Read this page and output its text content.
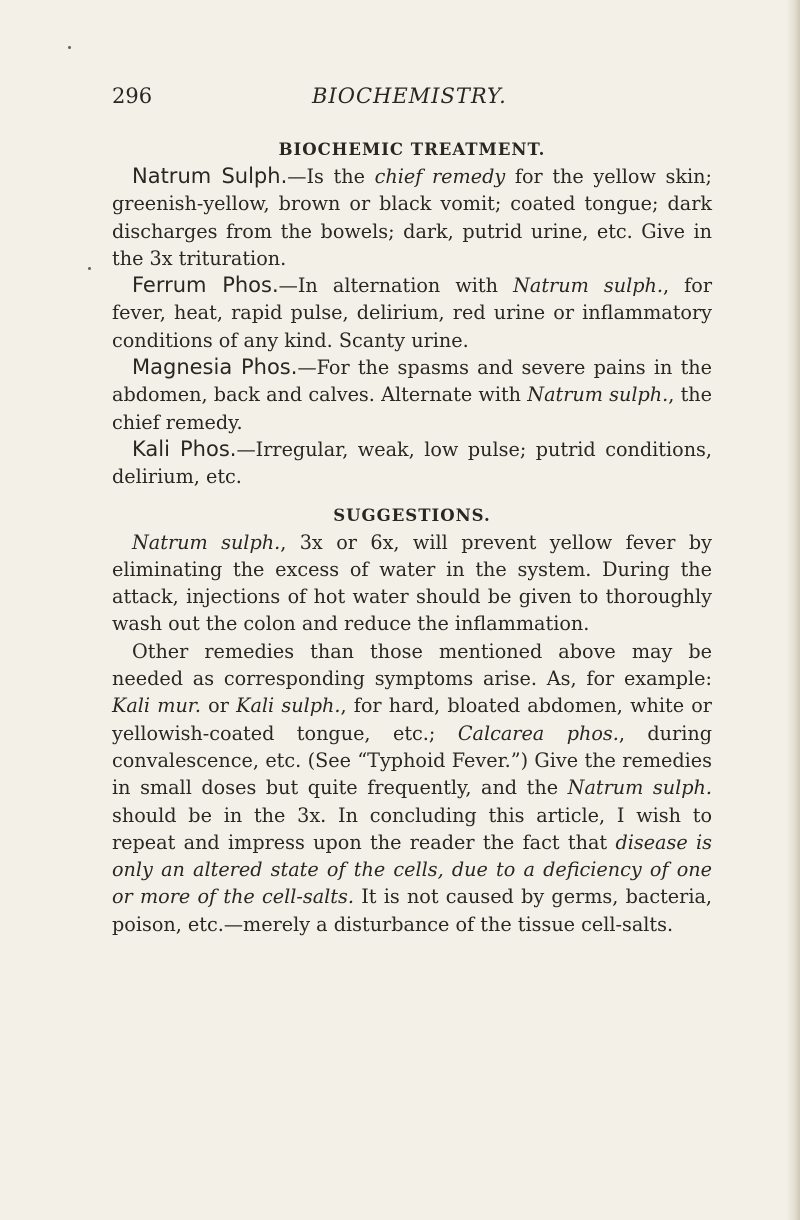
296	BIOCHEMISTRY.

BIOCHEMIC TREATMENT.

Natrum Sulph.—Is the chief remedy for the yellow skin; greenish-yellow, brown or black vomit; coated tongue; dark discharges from the bowels; dark, putrid urine, etc. Give in the 3x trituration.

Ferrum Phos.—In alternation with Natrum sulph., for fever, heat, rapid pulse, delirium, red urine or inflammatory conditions of any kind. Scanty urine.

Magnesia Phos.—For the spasms and severe pains in the abdomen, back and calves. Alternate with Natrum sulph., the chief remedy.

Kali Phos.—Irregular, weak, low pulse; putrid conditions, delirium, etc.

SUGGESTIONS.

Natrum sulph., 3x or 6x, will prevent yellow fever by eliminating the excess of water in the system. During the attack, injections of hot water should be given to thoroughly wash out the colon and reduce the inflammation.

Other remedies than those mentioned above may be needed as corresponding symptoms arise. As, for example: Kali mur. or Kali sulph., for hard, bloated abdomen, white or yellowish-coated tongue, etc.; Calcarea phos., during convalescence, etc. (See “Typhoid Fever.”) Give the remedies in small doses but quite frequently, and the Natrum sulph. should be in the 3x. In concluding this article, I wish to repeat and impress upon the reader the fact that disease is only an altered state of the cells, due to a deficiency of one or more of the cell-salts. It is not caused by germs, bacteria, poison, etc.—merely a disturbance of the tissue cell-salts.
